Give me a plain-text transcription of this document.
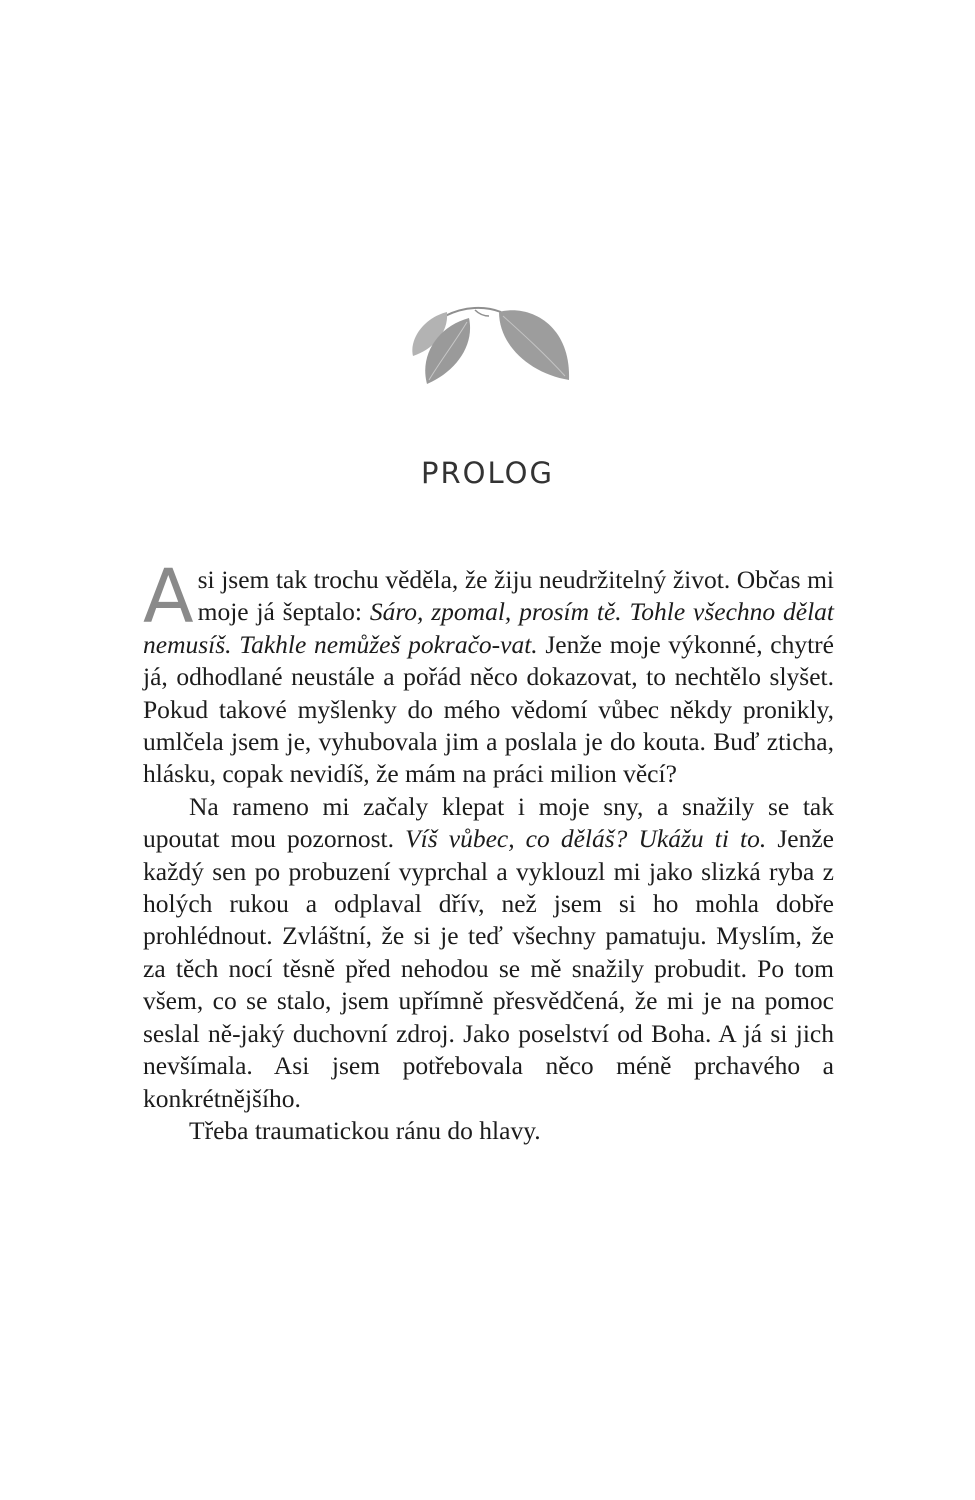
PROLOG

Asi jsem tak trochu věděla, že žiju neudržitelný život. Občas mi moje já šeptalo: Sáro, zpomal, prosím tě. Tohle všechno dělat nemusíš. Takhle nemůžeš pokračo-vat. Jenže moje výkonné, chytré já, odhodlané neustále a pořád něco dokazovat, to nechtělo slyšet. Pokud takové myšlenky do mého vědomí vůbec někdy pronikly, umlčela jsem je, vyhubovala jim a poslala je do kouta. Buď zticha, hlásku, copak nevidíš, že mám na práci milion věcí?

Na rameno mi začaly klepat i moje sny, a snažily se tak upoutat mou pozornost. Víš vůbec, co děláš? Ukážu ti to. Jenže každý sen po probuzení vyprchal a vyklouzl mi jako slizká ryba z holých rukou a odplaval dřív, než jsem si ho mohla dobře prohlédnout. Zvláštní, že si je teď všechny pamatuju. Myslím, že za těch nocí těsně před nehodou se mě snažily probudit. Po tom všem, co se stalo, jsem upřímně přesvědčená, že mi je na pomoc seslal ně-jaký duchovní zdroj. Jako poselství od Boha. A já si jich nevšímala. Asi jsem potřebovala něco méně prchavého a konkrétnějšího.

Třeba traumatickou ránu do hlavy.
